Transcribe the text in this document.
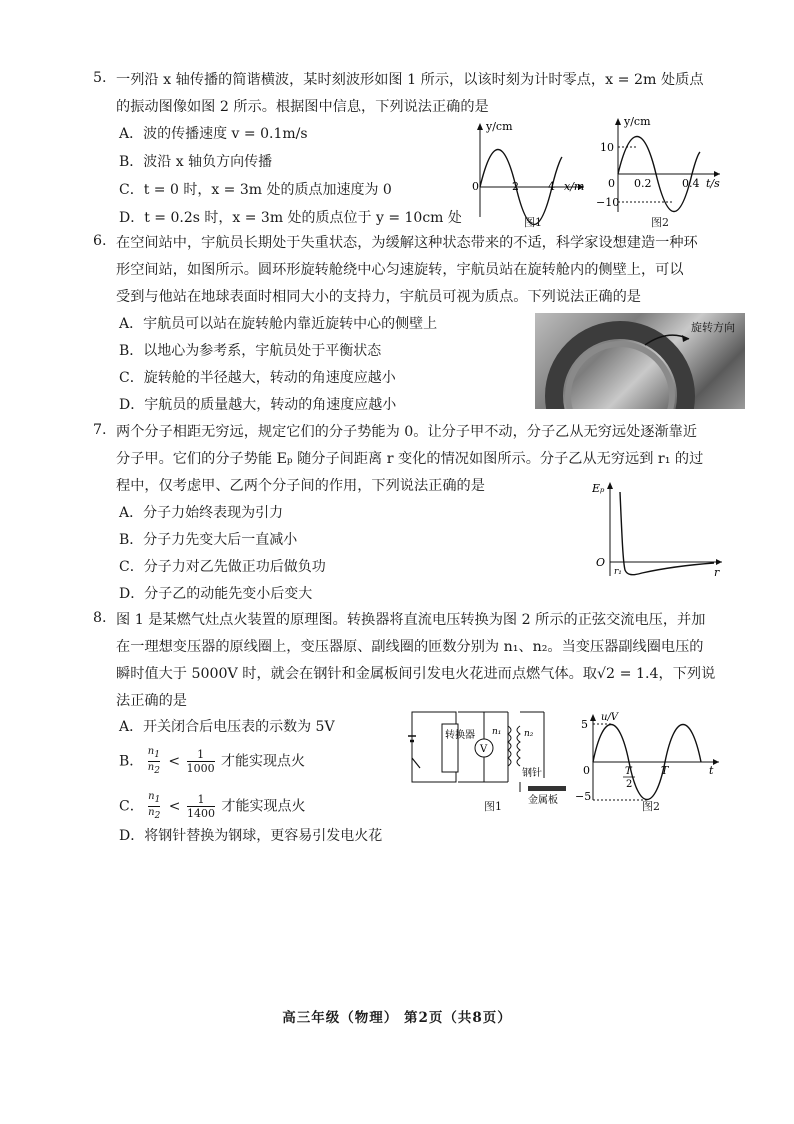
5. 一列沿 x 轴传播的简谐横波，某时刻波形如图 1 所示，以该时刻为计时零点，x = 2m 处质点
的振动图像如图 2 所示。根据图中信息，下列说法正确的是
A．波的传播速度 v = 0.1m/s
B．波沿 x 轴负方向传播
C．t = 0 时，x = 3m 处的质点加速度为 0
D．t = 0.2s 时，x = 3m 处的质点位于 y = 10cm 处
y/cm
0	2	4 x/m
图1
y/cm
10
−10
0 0.2	0.4 t/s
图2
6. 在空间站中，宇航员长期处于失重状态，为缓解这种状态带来的不适，科学家设想建造一种环
形空间站，如图所示。圆环形旋转舱绕中心匀速旋转，宇航员站在旋转舱内的侧壁上，可以
受到与他站在地球表面时相同大小的支持力，宇航员可视为质点。下列说法正确的是
A．宇航员可以站在旋转舱内靠近旋转中心的侧壁上
B．以地心为参考系，宇航员处于平衡状态
C．旋转舱的半径越大，转动的角速度应越小
D．宇航员的质量越大，转动的角速度应越小
旋转方向
7. 两个分子相距无穷远，规定它们的分子势能为 0。让分子甲不动，分子乙从无穷远处逐渐靠近
分子甲。它们的分子势能 Eₚ 随分子间距离 r 变化的情况如图所示。分子乙从无穷远到 r₁ 的过
程中，仅考虑甲、乙两个分子间的作用，下列说法正确的是
A．分子力始终表现为引力
B．分子力先变大后一直减小
C．分子力对乙先做正功后做负功
D．分子乙的动能先变小后变大
Eₚ
O
r₁	r
8. 图 1 是某燃气灶点火装置的原理图。转换器将直流电压转换为图 2 所示的正弦交流电压，并加
在一理想变压器的原线圈上，变压器原、副线圈的匝数分别为 n₁、n₂。当变压器副线圈电压的
瞬时值大于 5000V 时，就会在钢针和金属板间引发电火花进而点燃气体。取√2 = 1.4，下列说
法正确的是
A．开关闭合后电压表的示数为 5V
B． $\frac{n_1}{n_2} < \frac{1}{1000}$ 才能实现点火
C． $\frac{n_1}{n_2} < \frac{1}{1400}$ 才能实现点火
D．将钢针替换为钢球，更容易引发电火花
转换器
V
n₁	n₂
钢针
金属板
图1
u/V
5
−5
0	T
2
T	t
图2
高三年级（物理） 第2页（共8页）
